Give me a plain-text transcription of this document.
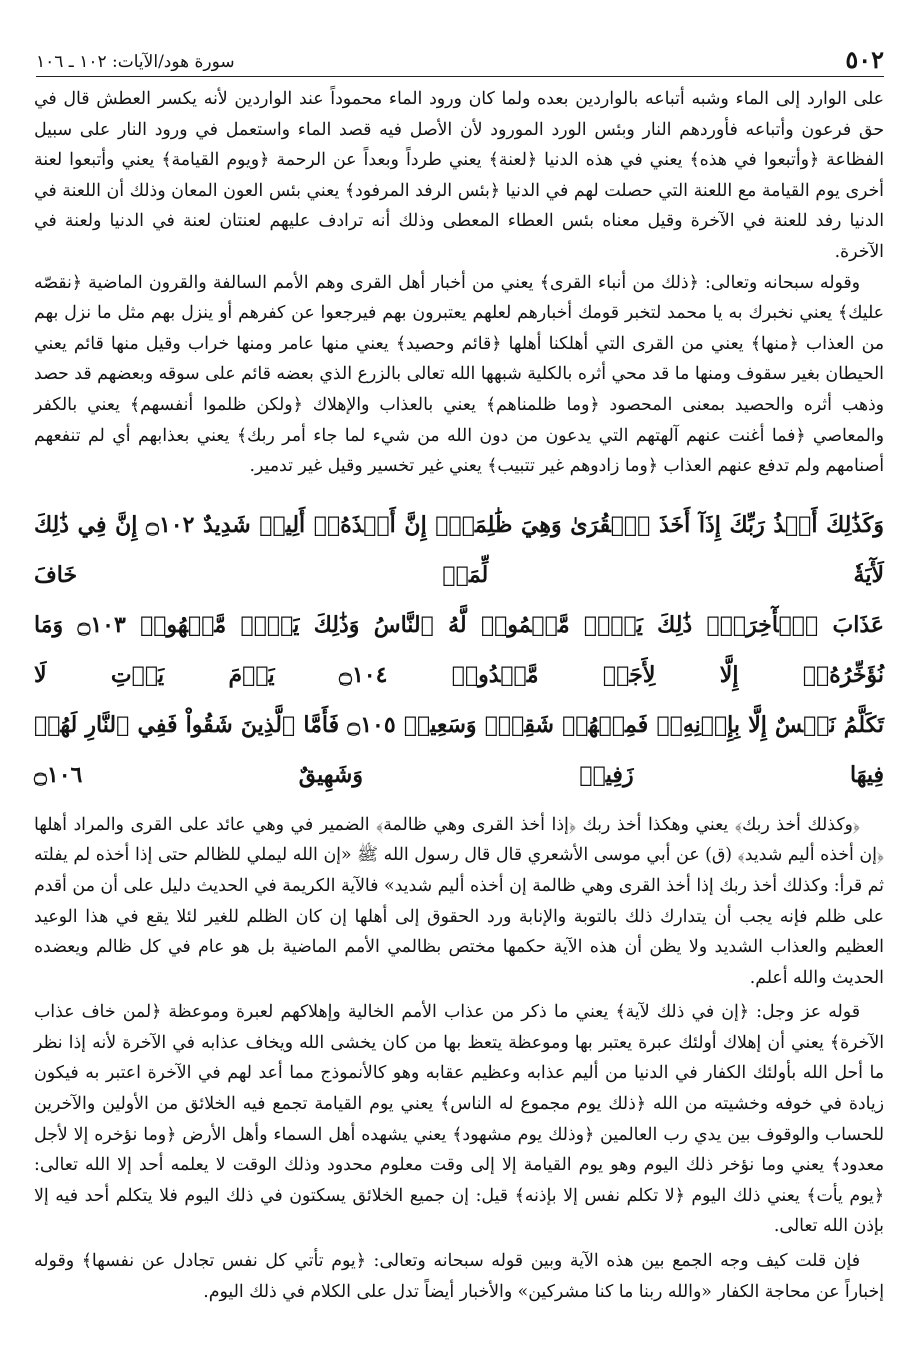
٥٠٢
سورة هود/الآيات: ١٠٢ ـ ١٠٦

على الوارد إلى الماء وشبه أتباعه بالواردين بعده ولما كان ورود الماء محموداً عند الواردين لأنه يكسر العطش قال في حق فرعون وأتباعه فأوردهم النار وبئس الورد المورود لأن الأصل فيه قصد الماء واستعمل في ورود النار على سبيل الفظاعة ﴿وأتبعوا في هذه﴾ يعني في هذه الدنيا ﴿لعنة﴾ يعني طرداً وبعداً عن الرحمة ﴿ويوم القيامة﴾ يعني وأتبعوا لعنة أخرى يوم القيامة مع اللعنة التي حصلت لهم في الدنيا ﴿بئس الرفد المرفود﴾ يعني بئس العون المعان وذلك أن اللعنة في الدنيا رفد للعنة في الآخرة وقيل معناه بئس العطاء المعطى وذلك أنه ترادف عليهم لعنتان لعنة في الدنيا ولعنة في الآخرة.

وقوله سبحانه وتعالى: ﴿ذلك من أنباء القرى﴾ يعني من أخبار أهل القرى وهم الأمم السالفة والقرون الماضية ﴿نقصّه عليك﴾ يعني نخبرك به يا محمد لتخبر قومك أخبارهم لعلهم يعتبرون بهم فيرجعوا عن كفرهم أو ينزل بهم مثل ما نزل بهم من العذاب ﴿منها﴾ يعني من القرى التي أهلكنا أهلها ﴿قائم وحصيد﴾ يعني منها عامر ومنها خراب وقيل منها قائم يعني الحيطان بغير سقوف ومنها ما قد محي أثره بالكلية شبهها الله تعالى بالزرع الذي بعضه قائم على سوقه وبعضهم قد حصد وذهب أثره والحصيد بمعنى المحصود ﴿وما ظلمناهم﴾ يعني بالعذاب والإهلاك ﴿ولكن ظلموا أنفسهم﴾ يعني بالكفر والمعاصي ﴿فما أغنت عنهم آلهتهم التي يدعون من دون الله من شيء لما جاء أمر ربك﴾ يعني بعذابهم أي لم تنفعهم أصنامهم ولم تدفع عنهم العذاب ﴿وما زادوهم غير تتبيب﴾ يعني غير تخسير وقيل غير تدمير.

وَكَذَٰلِكَ أَخۡذُ رَبِّكَ إِذَآ أَخَذَ ٱلۡقُرَىٰ وَهِيَ ظَٰلِمَةٌۚ إِنَّ أَخۡذَهُۥٓ أَلِيمٞ شَدِيدٌ ۝١٠٢ إِنَّ فِي ذَٰلِكَ لَأٓيَةٗ لِّمَنۡ خَافَ
عَذَابَ ٱلۡأٓخِرَةِۚ ذَٰلِكَ يَوۡمٞ مَّجۡمُوعٞ لَّهُ ٱلنَّاسُ وَذَٰلِكَ يَوۡمٞ مَّشۡهُودٞ ۝١٠٣ وَمَا نُؤَخِّرُهُۥٓ إِلَّا لِأَجَلٖ مَّعۡدُودٖ ۝١٠٤ يَوۡمَ يَأۡتِ لَا
تَكَلَّمُ نَفۡسٌ إِلَّا بِإِذۡنِهِۦۚ فَمِنۡهُمۡ شَقِيّٞ وَسَعِيدٞ ۝١٠٥ فَأَمَّا ٱلَّذِينَ شَقُواْ فَفِي ٱلنَّارِ لَهُمۡ فِيهَا زَفِيرٞ وَشَهِيقٌ ۝١٠٦

﴿وكذلك أخذ ربك﴾ يعني وهكذا أخذ ربك ﴿إذا أخذ القرى وهي ظالمة﴾ الضمير في وهي عائد على القرى والمراد أهلها ﴿إن أخذه أليم شديد﴾ (ق) عن أبي موسى الأشعري قال قال رسول الله ﷺ «إن الله ليملي للظالم حتى إذا أخذه لم يفلته ثم قرأ: وكذلك أخذ ربك إذا أخذ القرى وهي ظالمة إن أخذه أليم شديد» فالآية الكريمة في الحديث دليل على أن من أقدم على ظلم فإنه يجب أن يتدارك ذلك بالتوبة والإنابة ورد الحقوق إلى أهلها إن كان الظلم للغير لئلا يقع في هذا الوعيد العظيم والعذاب الشديد ولا يظن أن هذه الآية حكمها مختص بظالمي الأمم الماضية بل هو عام في كل ظالم ويعضده الحديث والله أعلم.

قوله عز وجل: ﴿إن في ذلك لآية﴾ يعني ما ذكر من عذاب الأمم الخالية وإهلاكهم لعبرة وموعظة ﴿لمن خاف عذاب الآخرة﴾ يعني أن إهلاك أولئك عبرة يعتبر بها وموعظة يتعظ بها من كان يخشى الله ويخاف عذابه في الآخرة لأنه إذا نظر ما أحل الله بأولئك الكفار في الدنيا من أليم عذابه وعظيم عقابه وهو كالأنموذج مما أعد لهم في الآخرة اعتبر به فيكون زيادة في خوفه وخشيته من الله ﴿ذلك يوم مجموع له الناس﴾ يعني يوم القيامة تجمع فيه الخلائق من الأولين والآخرين للحساب والوقوف بين يدي رب العالمين ﴿وذلك يوم مشهود﴾ يعني يشهده أهل السماء وأهل الأرض ﴿وما نؤخره إلا لأجل معدود﴾ يعني وما نؤخر ذلك اليوم وهو يوم القيامة إلا إلى وقت معلوم محدود وذلك الوقت لا يعلمه أحد إلا الله تعالى: ﴿يوم يأت﴾ يعني ذلك اليوم ﴿لا تكلم نفس إلا بإذنه﴾ قيل: إن جميع الخلائق يسكتون في ذلك اليوم فلا يتكلم أحد فيه إلا بإذن الله تعالى.

فإن قلت كيف وجه الجمع بين هذه الآية وبين قوله سبحانه وتعالى: ﴿يوم تأتي كل نفس تجادل عن نفسها﴾ وقوله إخباراً عن محاجة الكفار «والله ربنا ما كنا مشركين» والأخبار أيضاً تدل على الكلام في ذلك اليوم.
